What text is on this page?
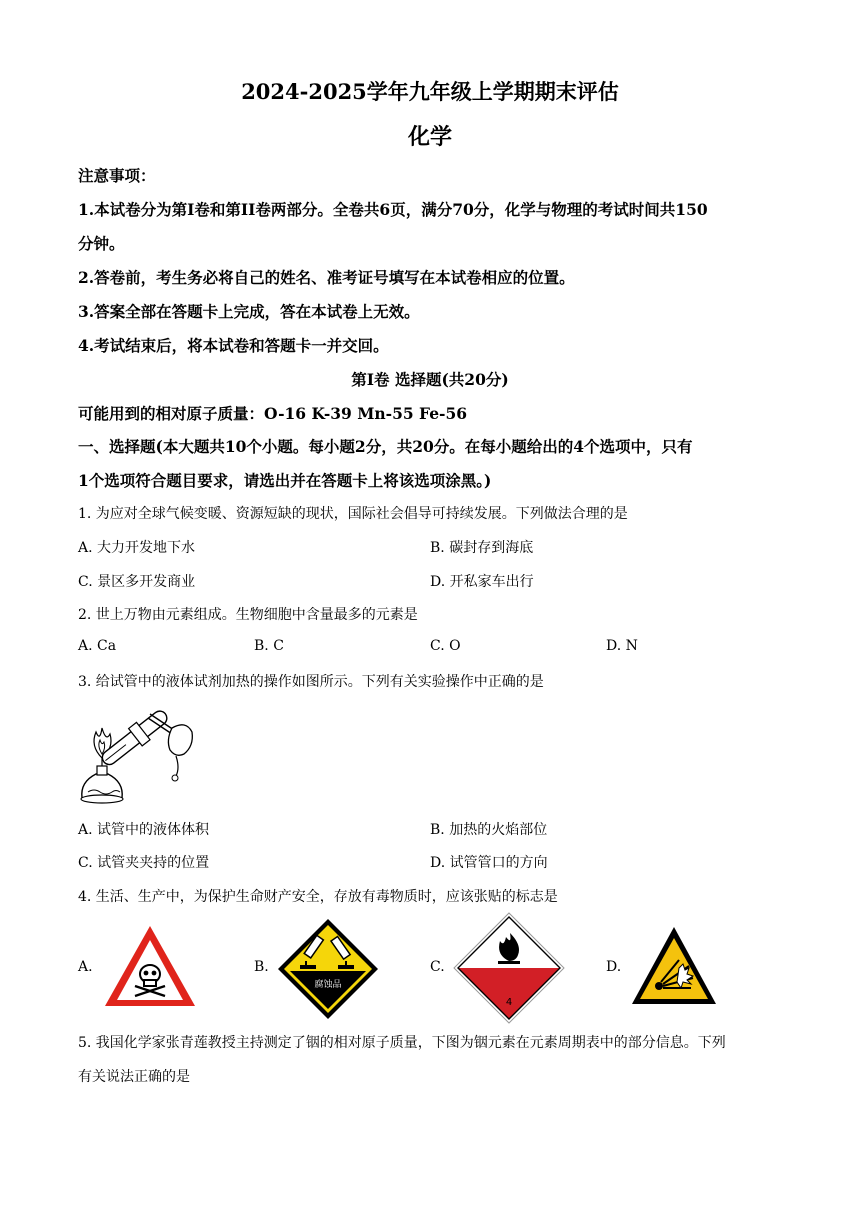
2024-2025学年九年级上学期期末评估
化学
注意事项：
1.本试卷分为第I卷和第II卷两部分。全卷共6页，满分70分，化学与物理的考试时间共150
分钟。
2.答卷前，考生务必将自己的姓名、准考证号填写在本试卷相应的位置。
3.答案全部在答题卡上完成，答在本试卷上无效。
4.考试结束后，将本试卷和答题卡一并交回。
第I卷 选择题(共20分)
可能用到的相对原子质量：O-16 K-39 Mn-55 Fe-56
一、选择题(本大题共10个小题。每小题2分，共20分。在每小题给出的4个选项中，只有
1个选项符合题目要求，请选出并在答题卡上将该选项涂黑。)
1. 为应对全球气候变暖、资源短缺的现状，国际社会倡导可持续发展。下列做法合理的是
A. 大力开发地下水	B. 碳封存到海底
C. 景区多开发商业	D. 开私家车出行
2. 世上万物由元素组成。生物细胞中含量最多的元素是
A. Ca	B. C	C. O	D. N
3. 给试管中的液体试剂加热的操作如图所示。下列有关实验操作中正确的是
A. 试管中的液体体积	B. 加热的火焰部位
C. 试管夹夹持的位置	D. 试管管口的方向
4. 生活、生产中，为保护生命财产安全，存放有毒物质时，应该张贴的标志是
A.	B.
腐蚀品
C.
4
D.
5. 我国化学家张青莲教授主持测定了铟的相对原子质量，下图为铟元素在元素周期表中的部分信息。下列
有关说法正确的是
